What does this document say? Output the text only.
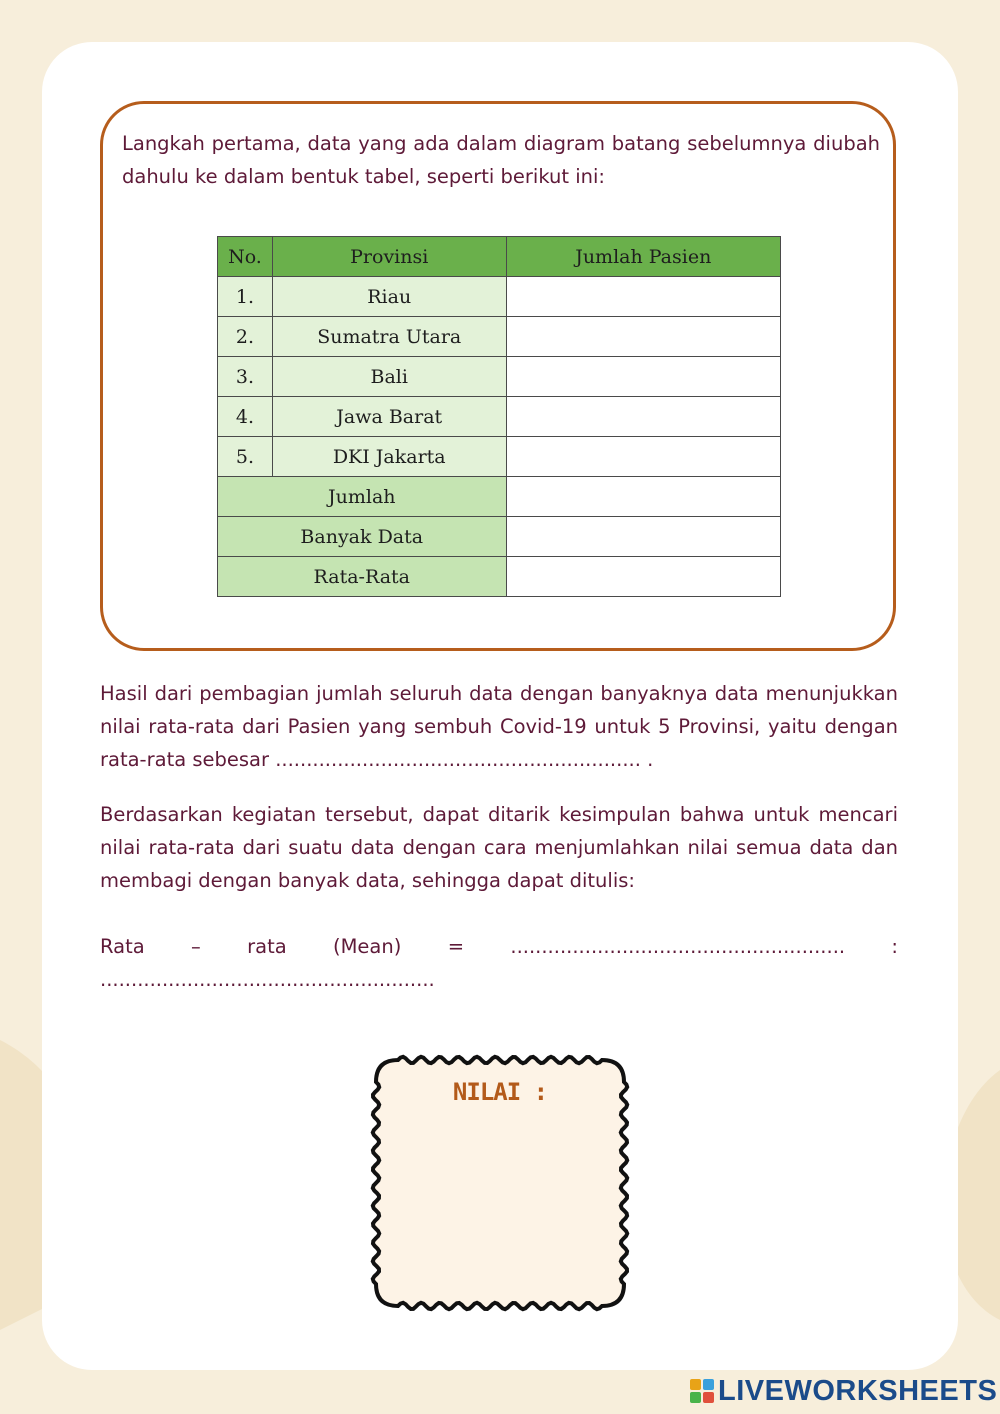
Langkah pertama, data yang ada dalam diagram batang sebelumnya diubah dahulu ke dalam bentuk tabel, seperti berikut ini:

No.	Provinsi	Jumlah Pasien
1.	Riau	
2.	Sumatra Utara	
3.	Bali	
4.	Jawa Barat	
5.	DKI Jakarta	
Jumlah		
Banyak Data		
Rata-Rata		

Hasil dari pembagian jumlah seluruh data dengan banyaknya data menunjukkan nilai rata-rata dari Pasien yang sembuh Covid-19 untuk 5 Provinsi, yaitu dengan rata-rata sebesar ........................................................... .

Berdasarkan kegiatan tersebut, dapat ditarik kesimpulan bahwa untuk mencari nilai rata-rata dari suatu data dengan cara menjumlahkan nilai semua data dan membagi dengan banyak data, sehingga dapat ditulis:

Rata – rata (Mean) = ...................................................... : ......................................................

NILAI :
LIVEWORKSHEETS
